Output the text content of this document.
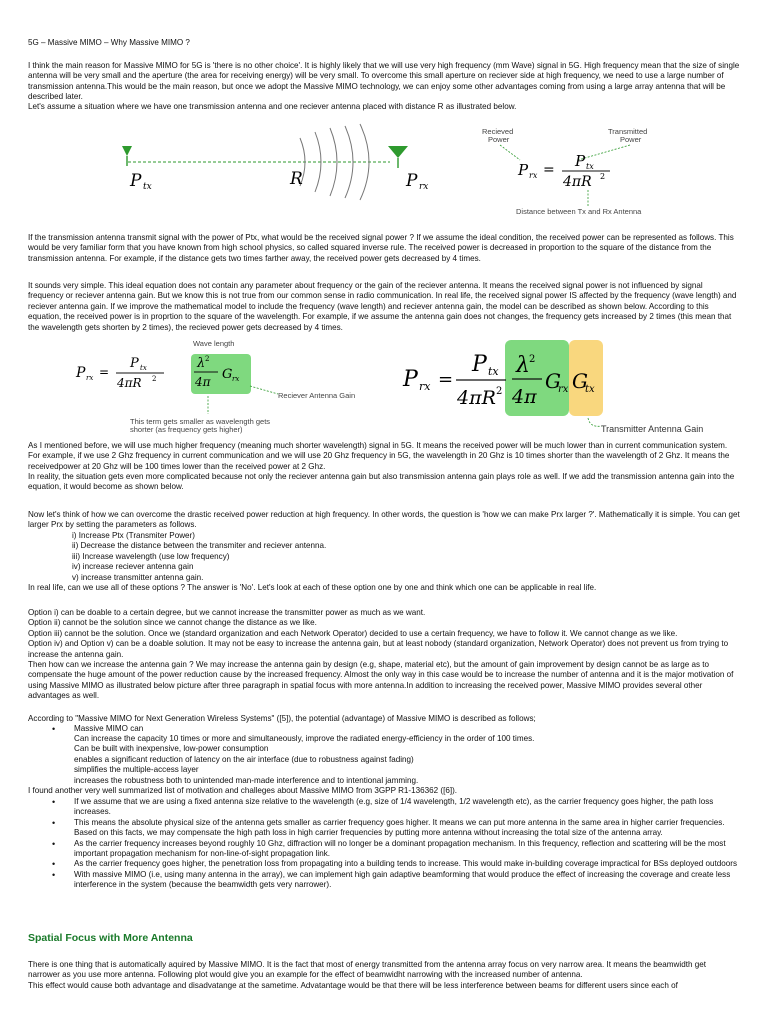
5G – Massive MIMO – Why Massive MIMO ?

I think the main reason for Massive MIMO for 5G is 'there is no other choice'. It is highly likely that we will use very high frequency (mm Wave) signal in 5G. High frequency mean that the size of single antenna will be very small and the aperture (the area for receiving energy) will be very small. To overcome this small aperture on reciever side at high frequency, we need to use a large number of transmission antenna.This would be the main reason, but once we adopt the Massive MIMO technology, we can enjoy some other advantages coming from using a large array antenna that will be described later.

Let's assume a situation where we have one transmission antenna and one reciever antenna placed with distance R as illustrated below.

P tx	R	P rx
Recieved
Power
Transmitted
Power
P rx = P tx
4πR 2
Distance between Tx and Rx Antenna

If the transmission antenna transmit signal with the power of Ptx, what would be the received signal power ? If we assume the ideal condition, the received power can be represented as follows. This would be very familiar form that you have known from high school physics, so called squared inverse rule. The received power is decreased in proportion to the square of the distance from the transmission antenna. For example, if the distance gets two times farther away, the received power gets decreased by 4 times.

It sounds very simple. This ideal equation does not contain any parameter about frequency or the gain of the reciever antenna. It means the received signal power is not influenced by signal frequency or reciever antenna gain. But we know this is not true from our common sense in radio communication. In real life, the received signal power IS affected by the frequency (wave length) and reciever antenna gain. If we improve the mathematical model to include the frequency (wave length) and reciever antenna gain, the model can be described as shown below. According to this equation, the received power is in proprtion to the square of the wavelength. For example, if we assume the antenna gain does not changes, the frequency gets increased by 2 times (this mean that the wavelength gets shorten by 2 times), the recieved power gets decreased by 4 times.

Wave length
P rx =
P tx
4πR 2
λ 2
4π G rx
Reciever Antenna Gain
This term gets smaller as wavelength gets
shorter (as frequency gets higher)
P rx =
P tx
4πR 2
λ 2
4π
G
rx G
tx
Transmitter Antenna Gain

As I mentioned before, we will use much higher frequency (meaning much shorter wavelength) signal in 5G. It means the received power will be much lower than in current communication system. For example, if we use 2 Ghz frequency in current communication and we will use 20 Ghz frequency in 5G, the wavelength in 20 Ghz is 10 times shorter than the wavelength of 2 Ghz. It means the receivedpower at 20 Ghz will be 100 times lower than the received power at 2 Ghz.

In reality, the situation gets even more complicated because not only the reciever antenna gain but also transmission antenna gain plays role as well. If we add the transmission antenna gain into the equation, it would become as shown below.

Now let's think of how we can overcome the drastic received power reduction at high frequency. In other words, the question is 'how we can make Prx larger ?'. Mathematically it is simple. You can get larger Prx by setting the parameters as follows.

i) Increase Ptx (Transmiter Power)
ii) Decrease the distance between the transmiter and reciever antenna.
iii) Increase wavelength (use low frequency)
iv) increase reciever antenna gain
v) increase transmitter antenna gain.

In real life, can we use all of these options ? The answer is 'No'. Let's look at each of these option one by one and think which one can be applicable in real life.

Option i) can be doable to a certain degree, but we cannot increase the transmitter power as much as we want.
Option ii) cannot be the solution since we cannot change the distance as we like.
Option iii) cannot be the solution. Once we (standard organization and each Network Operator) decided to use a certain frequency, we have to follow it. We cannot change as we like.
Option iv) and Option v) can be a doable solution. It may not be easy to increase the antenna gain, but at least nobody (standard organization, Network Operator) does not prevent us from trying to increase the antenna gain.
Then how can we increase the antenna gain ? We may increase the antenna gain by design (e.g, shape, material etc), but the amount of gain improvement by design cannot be as large as to compensate the huge amount of the power reduction cause by the increased frequency. Almost the only way in this case would be to increase the number of antenna and it is the major motivation of using Massive MIMO as illustrated below picture after three paragraph in spatial focus with more antenna.In addition to increasing the received power, Massive MIMO provides several other advantages as well.

According to "Massive MIMO for Next Generation Wireless Systems" ([5]), the potential (advantage) of Massive MIMO is described as follows;

• Massive MIMO can
Can increase the capacity 10 times or more and simultaneously, improve the radiated energy-efficiency in the order of 100 times.
Can be built with inexpensive, low-power consumption
enables a significant reduction of latency on the air interface (due to robustness against fading)
simplifies the multiple-access layer
increases the robustness both to unintended man-made interference and to intentional jamming.

I found another very well summarized list of motivation and challeges about Massive MIMO from 3GPP R1-136362 ([6]).

• If we assume that we are using a fixed antenna size relative to the wavelength (e.g, size of 1/4 wavelength, 1/2 wavelength etc), as the carrier frequency goes higher, the path loss increases.
• This means the absolute physical size of the antenna gets smaller as carrier frequency goes higher. It means we can put more antenna in the same area in higher carrier frequencies. Based on this facts, we may compensate the high path loss in high carrier frequencies by putting more antenna without increasing the total size of the antenna array.
• As the carrier frequency increases beyond roughly 10 Ghz, diffraction will no longer be a dominant propagation mechanism. In this frequency, reflection and scattering will be the most important propagation mechanism for non-line-of-sight propagation link.
• As the carrier frequency goes higher, the penetration loss from propagating into a building tends to increase. This would make in-building coverage impractical for BSs deployed outdoors
• With massive MIMO (i.e, using many antenna in the array), we can implement high gain adaptive beamforming that would produce the effect of increasing the coverage and create less interference in the system (because the beamwidth gets very narrower).
Spatial Focus with More Antenna

There is one thing that is automatically aquired by Massive MIMO. It is the fact that most of energy transmitted from the antenna array focus on very narrow area. It means the beamwidth get narrower as you use more antenna. Following plot would give you an example for the effect of beamwidht narrowing with the increased number of antenna.

This effect would cause both advantage and disadvatange at the sametime. Advatantage would be that there will be less interference between beams for different users since each of
